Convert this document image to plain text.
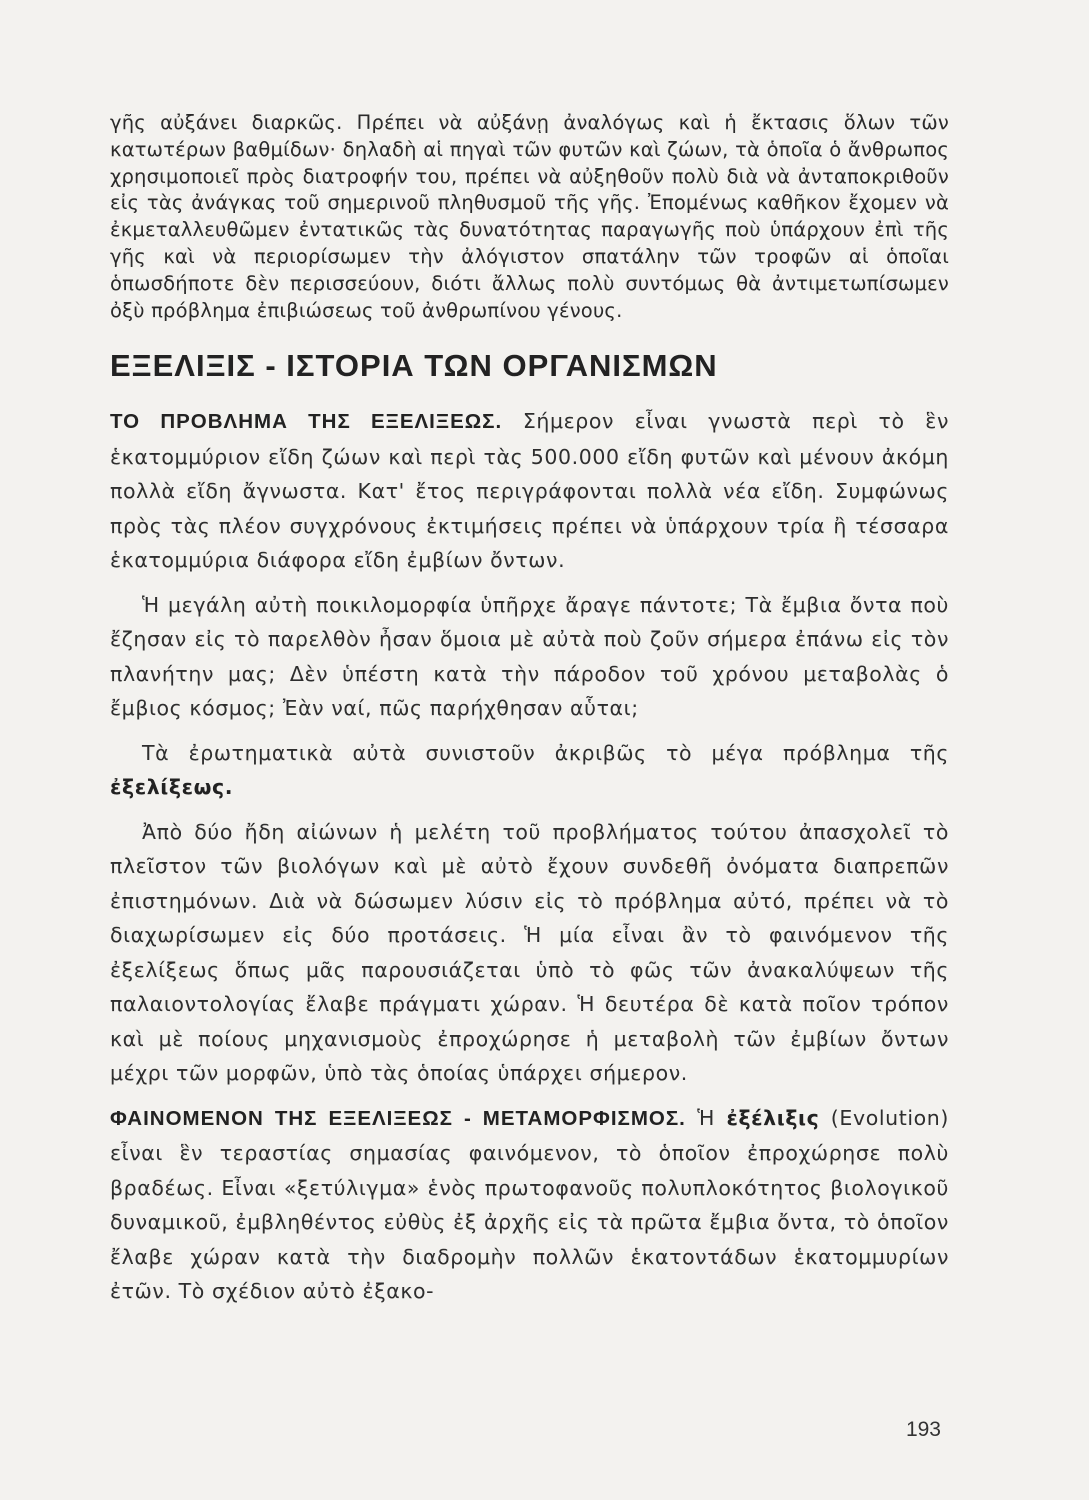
γῆς αὐξάνει διαρκῶς. Πρέπει νὰ αὐξάνῃ ἀναλόγως καὶ ἡ ἔκτασις ὅλων τῶν κατωτέρων βαθμίδων· δηλαδὴ αἱ πηγαὶ τῶν φυτῶν καὶ ζώων, τὰ ὁποῖα ὁ ἄνθρωπος χρησιμοποιεῖ πρὸς διατροφήν του, πρέπει νὰ αὐξηθοῦν πολὺ διὰ νὰ ἀνταποκριθοῦν εἰς τὰς ἀνάγκας τοῦ σημερινοῦ πληθυσμοῦ τῆς γῆς. Ἐπομένως καθῆκον ἔχομεν νὰ ἐκμεταλλευθῶμεν ἐντατικῶς τὰς δυνατότητας παραγωγῆς ποὺ ὑπάρχουν ἐπὶ τῆς γῆς καὶ νὰ περιορίσωμεν τὴν ἀλόγιστον σπατάλην τῶν τροφῶν αἱ ὁποῖαι ὁπωσδήποτε δὲν περισσεύουν, διότι ἄλλως πολὺ συντόμως θὰ ἀντιμετωπίσωμεν ὀξὺ πρόβλημα ἐπιβιώσεως τοῦ ἀνθρωπίνου γένους.

ΕΞΕΛΙΞΙΣ - ΙΣΤΟΡΙΑ ΤΩΝ ΟΡΓΑΝΙΣΜΩΝ

ΤΟ ΠΡΟΒΛΗΜΑ ΤΗΣ ΕΞΕΛΙΞΕΩΣ. Σήμερον εἶναι γνωστὰ περὶ τὸ ἓν ἑκατομμύριον εἴδη ζώων καὶ περὶ τὰς 500.000 εἴδη φυτῶν καὶ μένουν ἀκόμη πολλὰ εἴδη ἄγνωστα. Κατ' ἔτος περιγράφονται πολλὰ νέα εἴδη. Συμφώνως πρὸς τὰς πλέον συγχρόνους ἐκτιμήσεις πρέπει νὰ ὑπάρχουν τρία ἢ τέσσαρα ἑκατομμύρια διάφορα εἴδη ἐμβίων ὄντων.

Ἡ μεγάλη αὐτὴ ποικιλομορφία ὑπῆρχε ἄραγε πάντοτε; Τὰ ἔμβια ὄντα ποὺ ἔζησαν εἰς τὸ παρελθὸν ἦσαν ὅμοια μὲ αὐτὰ ποὺ ζοῦν σήμερα ἐπάνω εἰς τὸν πλανήτην μας; Δὲν ὑπέστη κατὰ τὴν πάροδον τοῦ χρόνου μεταβολὰς ὁ ἔμβιος κόσμος; Ἐὰν ναί, πῶς παρήχθησαν αὗται;

Τὰ ἐρωτηματικὰ αὐτὰ συνιστοῦν ἀκριβῶς τὸ μέγα πρόβλημα τῆς ἐξελίξεως.

Ἀπὸ δύο ἤδη αἰώνων ἡ μελέτη τοῦ προβλήματος τούτου ἀπασχολεῖ τὸ πλεῖστον τῶν βιολόγων καὶ μὲ αὐτὸ ἔχουν συνδεθῆ ὀνόματα διαπρεπῶν ἐπιστημόνων. Διὰ νὰ δώσωμεν λύσιν εἰς τὸ πρόβλημα αὐτό, πρέπει νὰ τὸ διαχωρίσωμεν εἰς δύο προτάσεις. Ἡ μία εἶναι ἂν τὸ φαινόμενον τῆς ἐξελίξεως ὅπως μᾶς παρουσιάζεται ὑπὸ τὸ φῶς τῶν ἀνακαλύψεων τῆς παλαιοντολογίας ἔλαβε πράγματι χώραν. Ἡ δευτέρα δὲ κατὰ ποῖον τρόπον καὶ μὲ ποίους μηχανισμοὺς ἐπροχώρησε ἡ μεταβολὴ τῶν ἐμβίων ὄντων μέχρι τῶν μορφῶν, ὑπὸ τὰς ὁποίας ὑπάρχει σήμερον.

ΦΑΙΝΟΜΕΝΟΝ ΤΗΣ ΕΞΕΛΙΞΕΩΣ - ΜΕΤΑΜΟΡΦΙΣΜΟΣ. Ἡ ἐξέλιξις (Evolution) εἶναι ἓν τεραστίας σημασίας φαινόμενον, τὸ ὁποῖον ἐπροχώρησε πολὺ βραδέως. Εἶναι «ξετύλιγμα» ἑνὸς πρωτοφανοῦς πολυπλοκότητος βιολογικοῦ δυναμικοῦ, ἐμβληθέντος εὐθὺς ἐξ ἀρχῆς εἰς τὰ πρῶτα ἔμβια ὄντα, τὸ ὁποῖον ἔλαβε χώραν κατὰ τὴν διαδρομὴν πολλῶν ἑκατοντάδων ἑκατομμυρίων ἐτῶν. Τὸ σχέδιον αὐτὸ ἐξακο-

193
